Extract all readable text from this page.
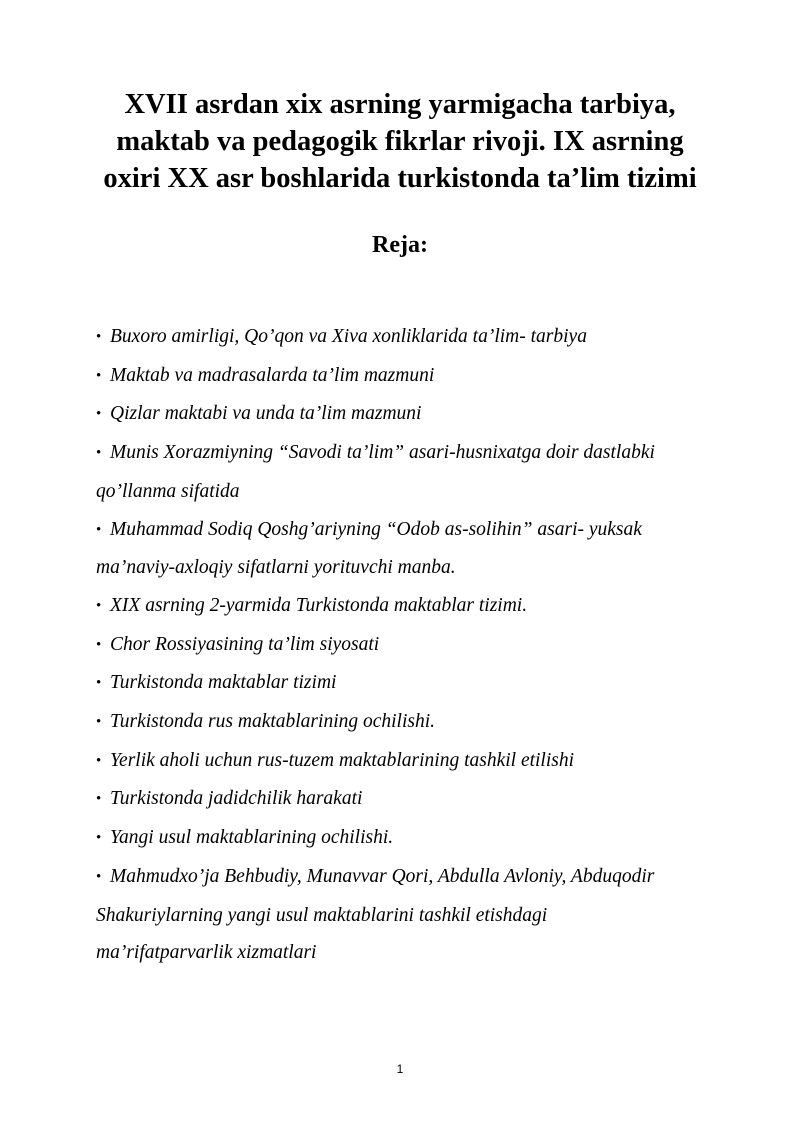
XVII asrdan xix asrning yarmigacha tarbiya,
maktab va pedagogik fikrlar rivoji. IX asrning
oxiri XX asr boshlarida turkistonda ta’lim tizimi
Reja:
• Buxoro amirligi, Qo’qon va Xiva xonliklarida ta’lim- tarbiya
• Maktab va madrasalarda ta’lim mazmuni
• Qizlar maktabi va unda ta’lim mazmuni
• Munis Xorazmiyning “Savodi ta’lim” asari-husnixatga doir dastlabki
qo’llanma sifatida
• Muhammad Sodiq Qoshg’ariyning “Odob as-solihin” asari- yuksak
ma’naviy-axloqiy sifatlarni yorituvchi manba.
• XIX asrning 2-yarmida Turkistonda maktablar tizimi.
• Chor Rossiyasining ta’lim siyosati
• Turkistonda maktablar tizimi
• Turkistonda rus maktablarining ochilishi.
• Yerlik aholi uchun rus-tuzem maktablarining tashkil etilishi
• Turkistonda jadidchilik harakati
• Yangi usul maktablarining ochilishi.
• Mahmudxo’ja Behbudiy, Munavvar Qori, Abdulla Avloniy, Abduqodir
Shakuriylarning yangi usul maktablarini tashkil etishdagi
ma’rifatparvarlik xizmatlari
1
